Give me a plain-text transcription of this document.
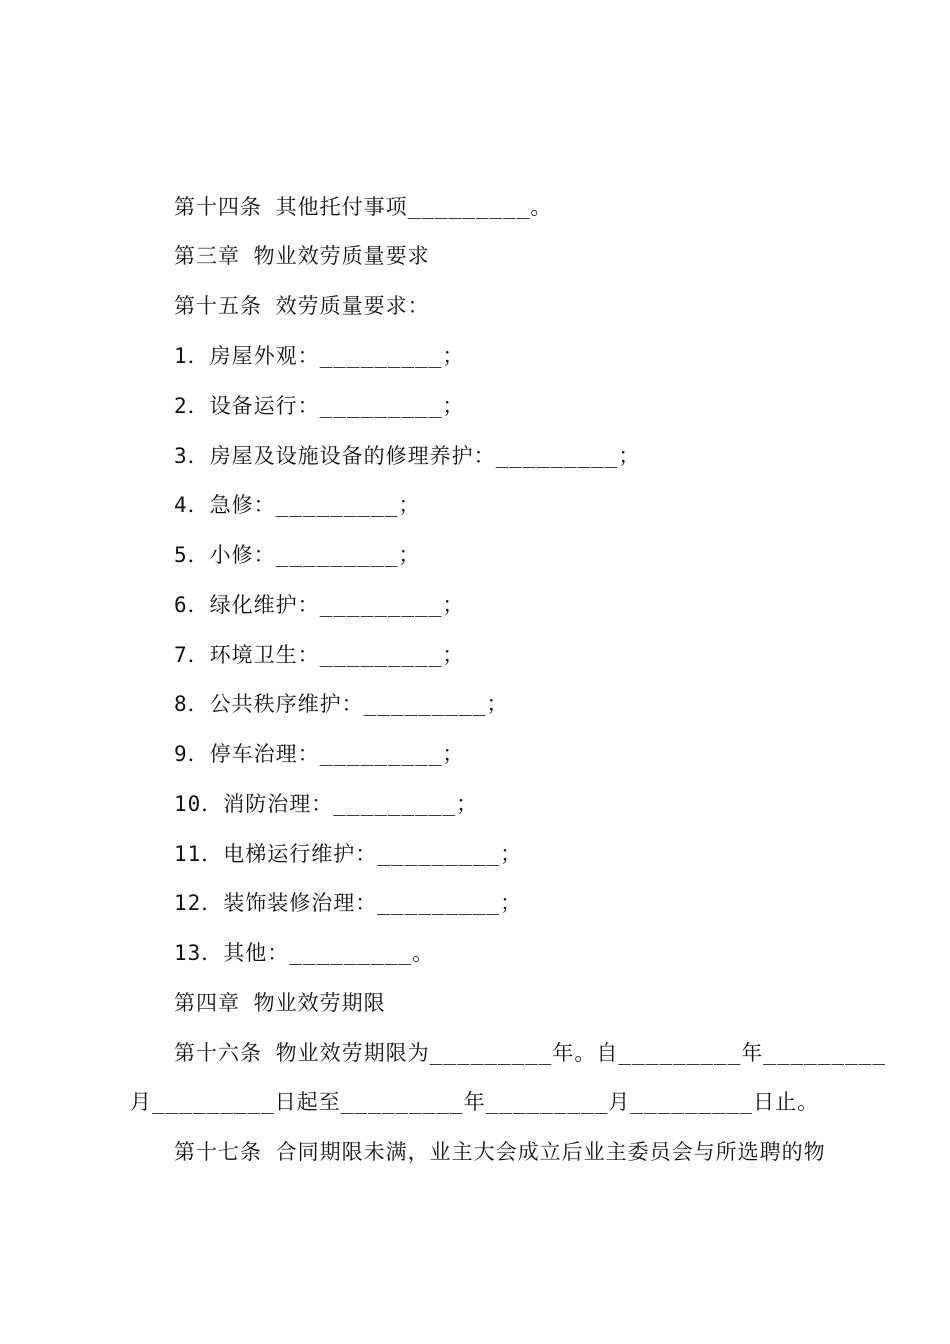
第十四条 其他托付事项_________。
第三章 物业效劳质量要求
第十五条 效劳质量要求：
1．房屋外观：_________；
2．设备运行：_________；
3．房屋及设施设备的修理养护：_________；
4．急修：_________；
5．小修：_________；
6．绿化维护：_________；
7．环境卫生：_________；
8．公共秩序维护：_________；
9．停车治理：_________；
10．消防治理：_________；
11．电梯运行维护：_________；
12．装饰装修治理：_________；
13．其他：_________。
第四章 物业效劳期限
第十六条 物业效劳期限为_________年。自_________年_________
月_________日起至_________年_________月_________日止。
第十七条 合同期限未满，业主大会成立后业主委员会与所选聘的物
